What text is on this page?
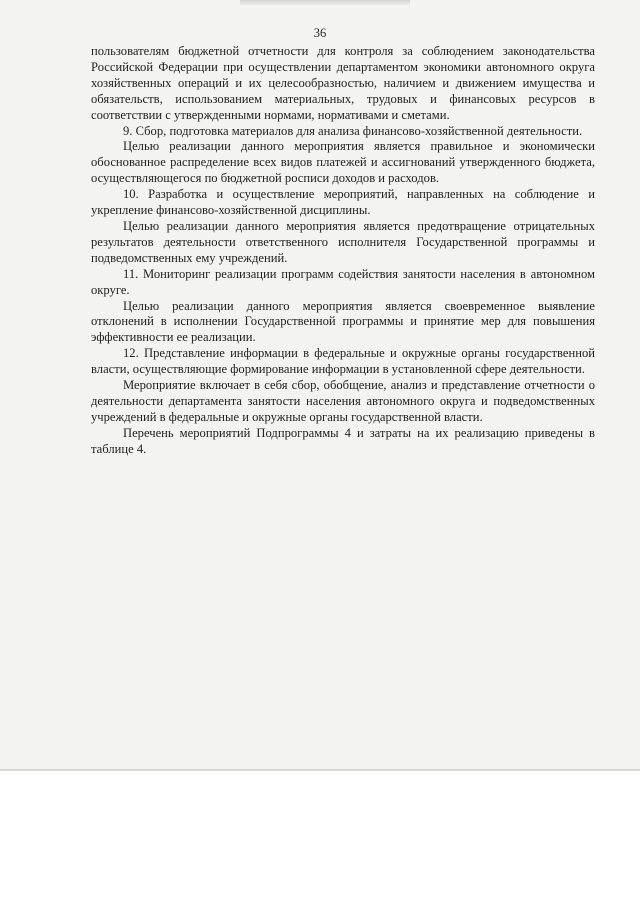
36

пользователям бюджетной отчетности для контроля за соблюдением законодательства Российской Федерации при осуществлении департаментом экономики автономного округа хозяйственных операций и их целесообразностью, наличием и движением имущества и обязательств, использованием материальных, трудовых и финансовых ресурсов в соответствии с утвержденными нормами, нормативами и сметами.

9. Сбор, подготовка материалов для анализа финансово-хозяйственной деятельности.

Целью реализации данного мероприятия является правильное и экономически обоснованное распределение всех видов платежей и ассигнований утвержденного бюджета, осуществляющегося по бюджетной росписи доходов и расходов.

10. Разработка и осуществление мероприятий, направленных на соблюдение и укрепление финансово-хозяйственной дисциплины.

Целью реализации данного мероприятия является предотвращение отрицательных результатов деятельности ответственного исполнителя Государственной программы и подведомственных ему учреждений.

11. Мониторинг реализации программ содействия занятости населения в автономном округе.

Целью реализации данного мероприятия является своевременное выявление отклонений в исполнении Государственной программы и принятие мер для повышения эффективности ее реализации.

12. Представление информации в федеральные и окружные органы государственной власти, осуществляющие формирование информации в установленной сфере деятельности.

Мероприятие включает в себя сбор, обобщение, анализ и представление отчетности о деятельности департамента занятости населения автономного округа и подведомственных учреждений в федеральные и окружные органы государственной власти.

Перечень мероприятий Подпрограммы 4 и затраты на их реализацию приведены в таблице 4.
